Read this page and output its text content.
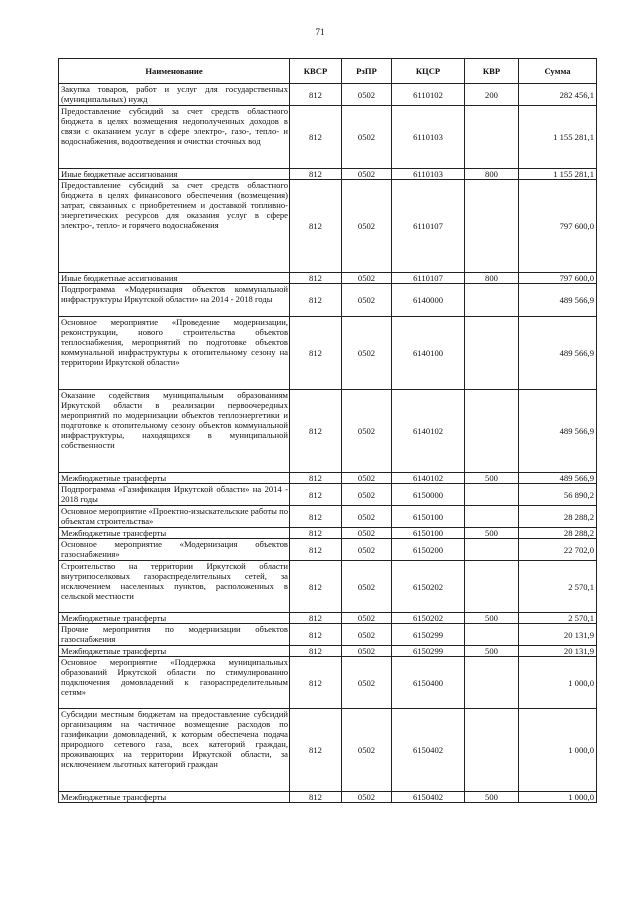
71
Наименование	КВСР	РзПР	КЦСР	КВР	Сумма
Закупка товаров, работ и услуг для государственных (муниципальных) нужд	812	0502	6110102	200	282 456,1
Предоставление субсидий за счет средств областного бюджета в целях возмещения недополученных доходов в связи с оказанием услуг в сфере электро-, газо-, тепло- и водоснабжения, водоотведения и очистки сточных вод	812	0502	6110103		1 155 281,1
Иные бюджетные ассигнования	812	0502	6110103	800	1 155 281,1
Предоставление субсидий за счет средств областного бюджета в целях финансового обеспечения (возмещения) затрат, связанных с приобретением и доставкой топливно-энергетических ресурсов для оказания услуг в сфере электро-, тепло- и горячего водоснабжения	812	0502	6110107		797 600,0
Иные бюджетные ассигнования	812	0502	6110107	800	797 600,0
Подпрограмма «Модернизация объектов коммунальной инфраструктуры Иркутской области» на 2014 - 2018 годы	812	0502	6140000		489 566,9
Основное мероприятие «Проведение модернизации, реконструкции, нового строительства объектов теплоснабжения, мероприятий по подготовке объектов коммунальной инфраструктуры к отопительному сезону на территории Иркутской области»	812	0502	6140100		489 566,9
Оказание содействия муниципальным образованиям Иркутской области в реализации первоочередных мероприятий по модернизации объектов теплоэнергетики и подготовке к отопительному сезону объектов коммунальной инфраструктуры, находящихся в муниципальной собственности	812	0502	6140102		489 566,9
Межбюджетные трансферты	812	0502	6140102	500	489 566,9
Подпрограмма «Газификация Иркутской области» на 2014 - 2018 годы	812	0502	6150000		56 890,2
Основное мероприятие «Проектно-изыскательские работы по объектам строительства»	812	0502	6150100		28 288,2
Межбюджетные трансферты	812	0502	6150100	500	28 288,2
Основное мероприятие «Модернизация объектов газоснабжения»	812	0502	6150200		22 702,0
Строительство на территории Иркутской области внутрипоселковых газораспределительных сетей, за исключением населенных пунктов, расположенных в сельской местности	812	0502	6150202		2 570,1
Межбюджетные трансферты	812	0502	6150202	500	2 570,1
Прочие мероприятия по модернизации объектов газоснабжения	812	0502	6150299		20 131,9
Межбюджетные трансферты	812	0502	6150299	500	20 131,9
Основное мероприятие «Поддержка муниципальных образований Иркутской области по стимулированию подключения домовладений к газораспределительным сетям»	812	0502	6150400		1 000,0
Субсидии местным бюджетам на предоставление субсидий организациям на частичное возмещение расходов по газификации домовладений, к которым обеспечена подача природного сетевого газа, всех категорий граждан, проживающих на территории Иркутской области, за исключением льготных категорий граждан	812	0502	6150402		1 000,0
Межбюджетные трансферты	812	0502	6150402	500	1 000,0
